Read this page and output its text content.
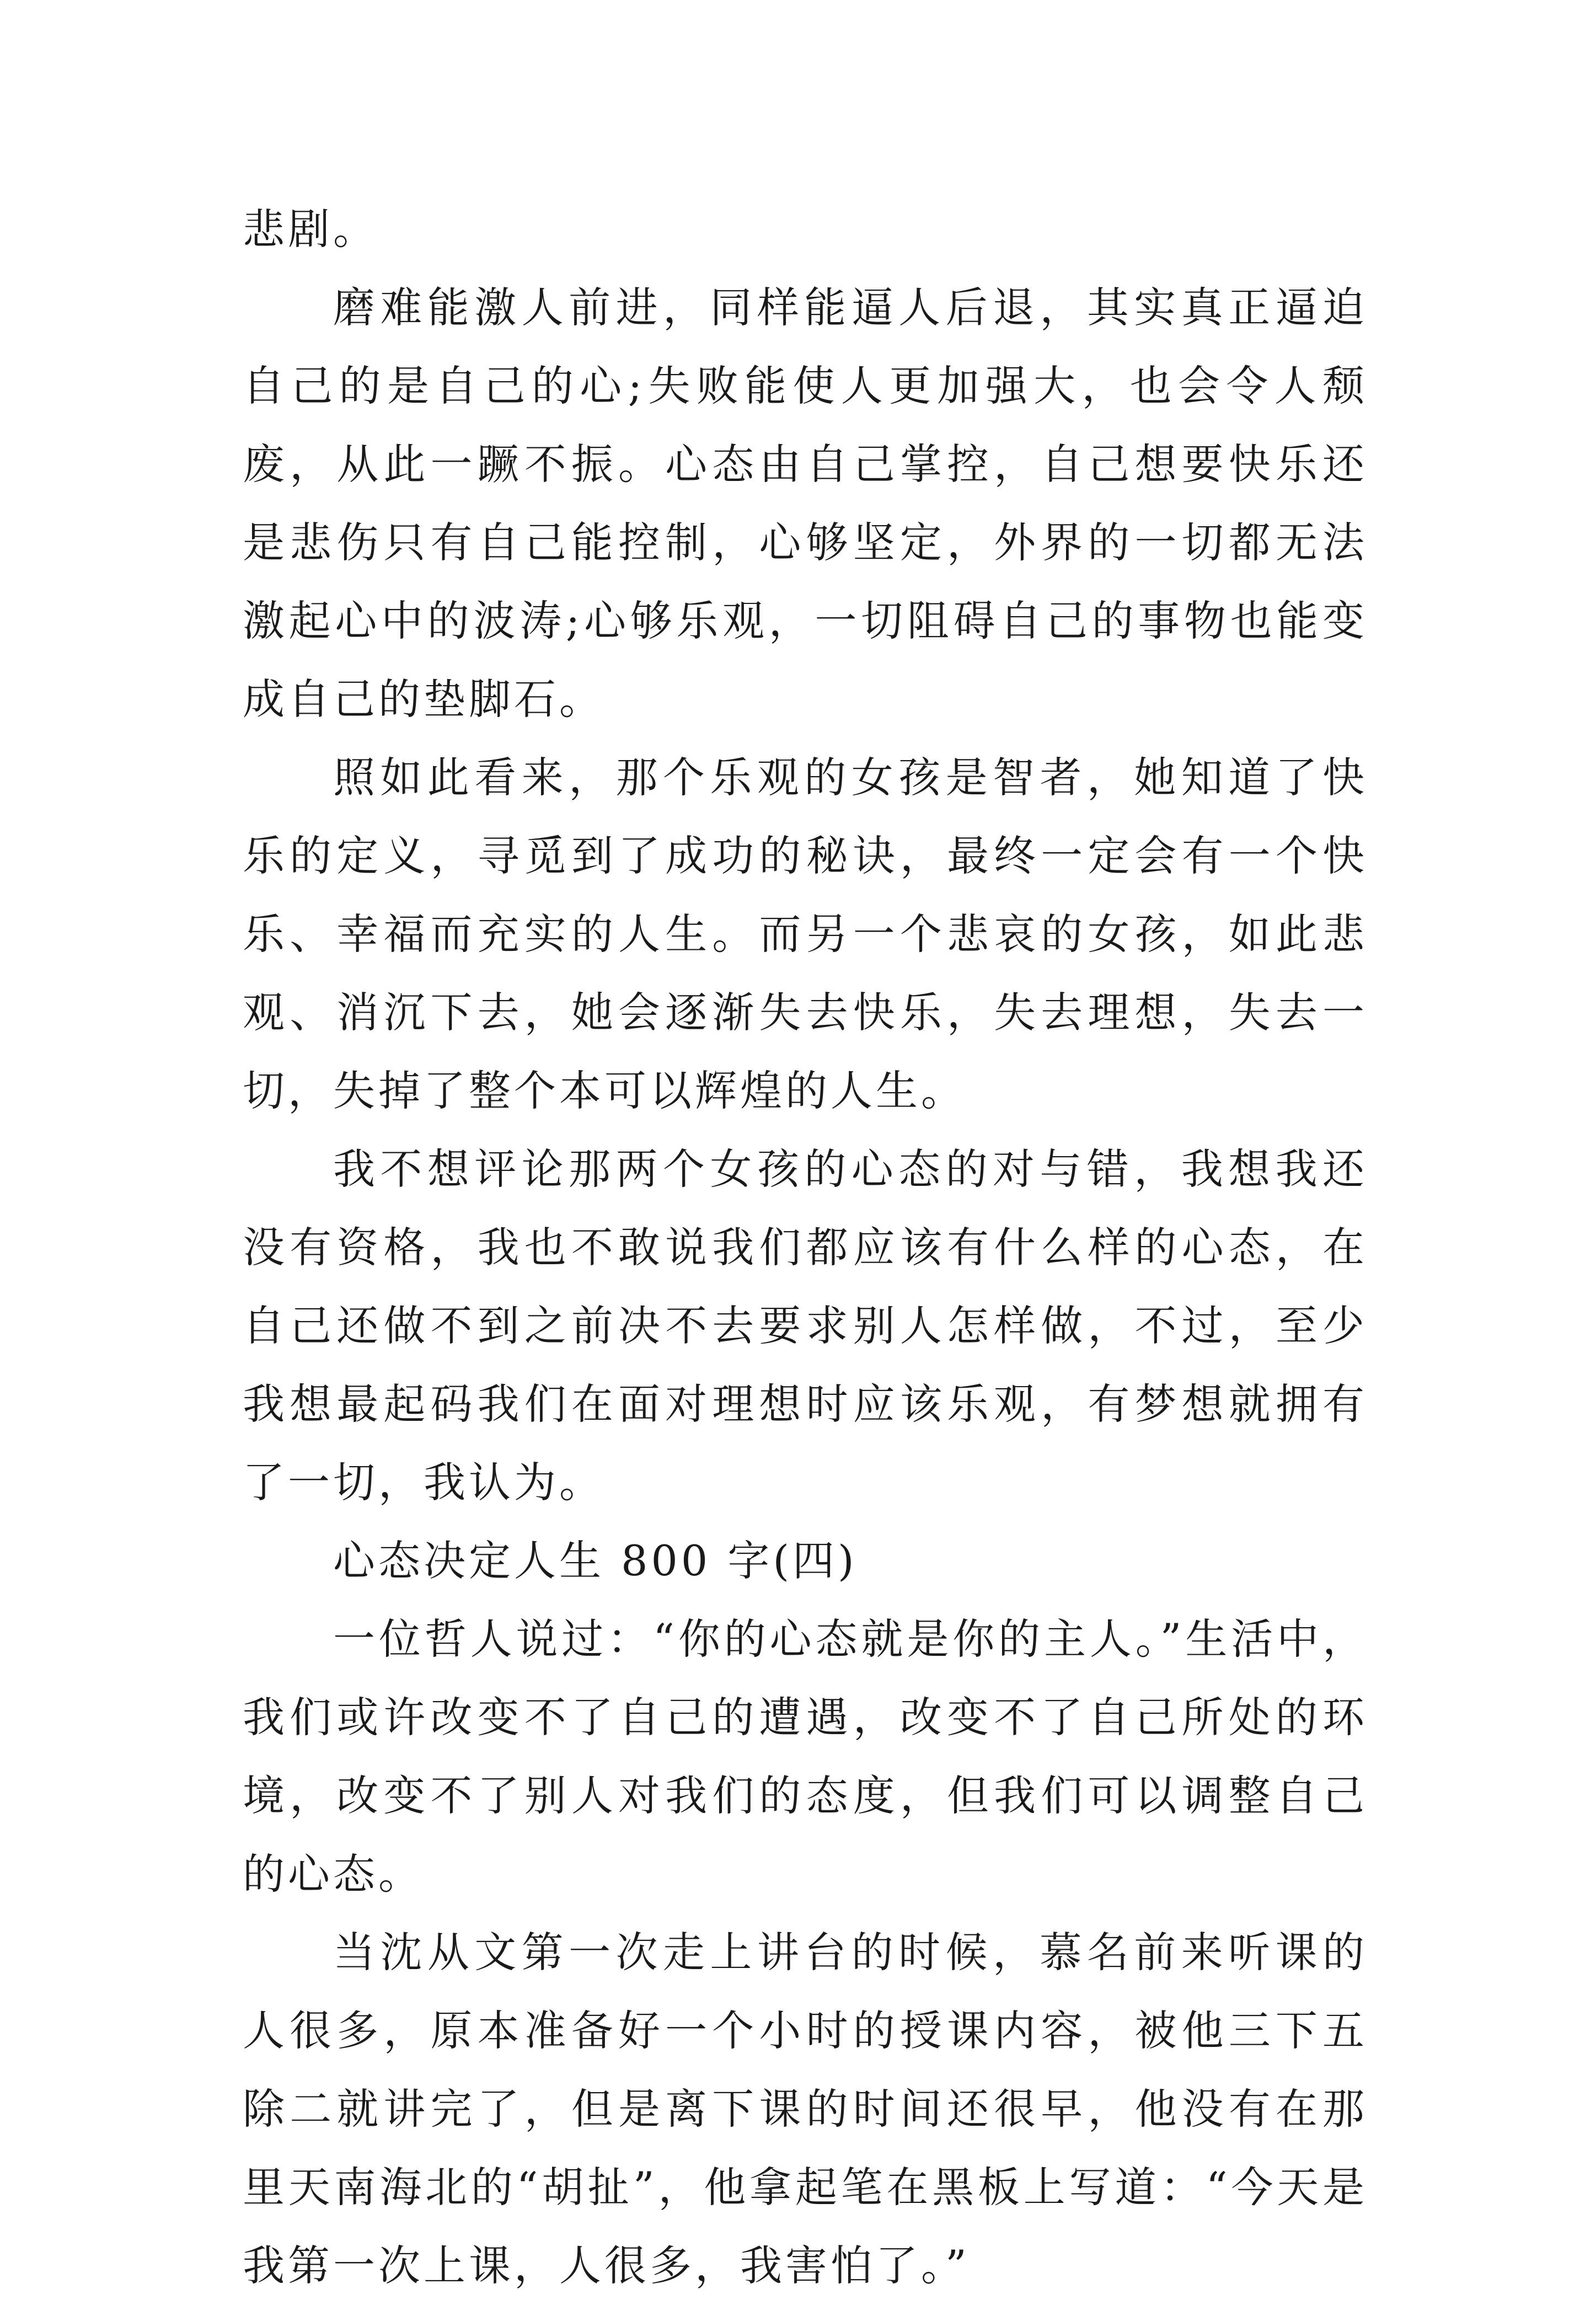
悲剧。

磨难能激人前进，同样能逼人后退，其实真正逼迫自己的是自己的心;失败能使人更加强大，也会令人颓废，从此一蹶不振。心态由自己掌控，自己想要快乐还是悲伤只有自己能控制，心够坚定，外界的一切都无法激起心中的波涛;心够乐观，一切阻碍自己的事物也能变成自己的垫脚石。

照如此看来，那个乐观的女孩是智者，她知道了快乐的定义，寻觅到了成功的秘诀，最终一定会有一个快乐、幸福而充实的人生。而另一个悲哀的女孩，如此悲观、消沉下去，她会逐渐失去快乐，失去理想，失去一切，失掉了整个本可以辉煌的人生。

我不想评论那两个女孩的心态的对与错，我想我还没有资格，我也不敢说我们都应该有什么样的心态，在自己还做不到之前决不去要求别人怎样做，不过，至少我想最起码我们在面对理想时应该乐观，有梦想就拥有了一切，我认为。

心态决定人生 800 字(四)

一位哲人说过：“你的心态就是你的主人。”生活中，我们或许改变不了自己的遭遇，改变不了自己所处的环境，改变不了别人对我们的态度，但我们可以调整自己的心态。

当沈从文第一次走上讲台的时候，慕名前来听课的人很多，原本准备好一个小时的授课内容，被他三下五除二就讲完了，但是离下课的时间还很早，他没有在那里天南海北的“胡扯”，他拿起笔在黑板上写道：“今天是我第一次上课，人很多，我害怕了。”
